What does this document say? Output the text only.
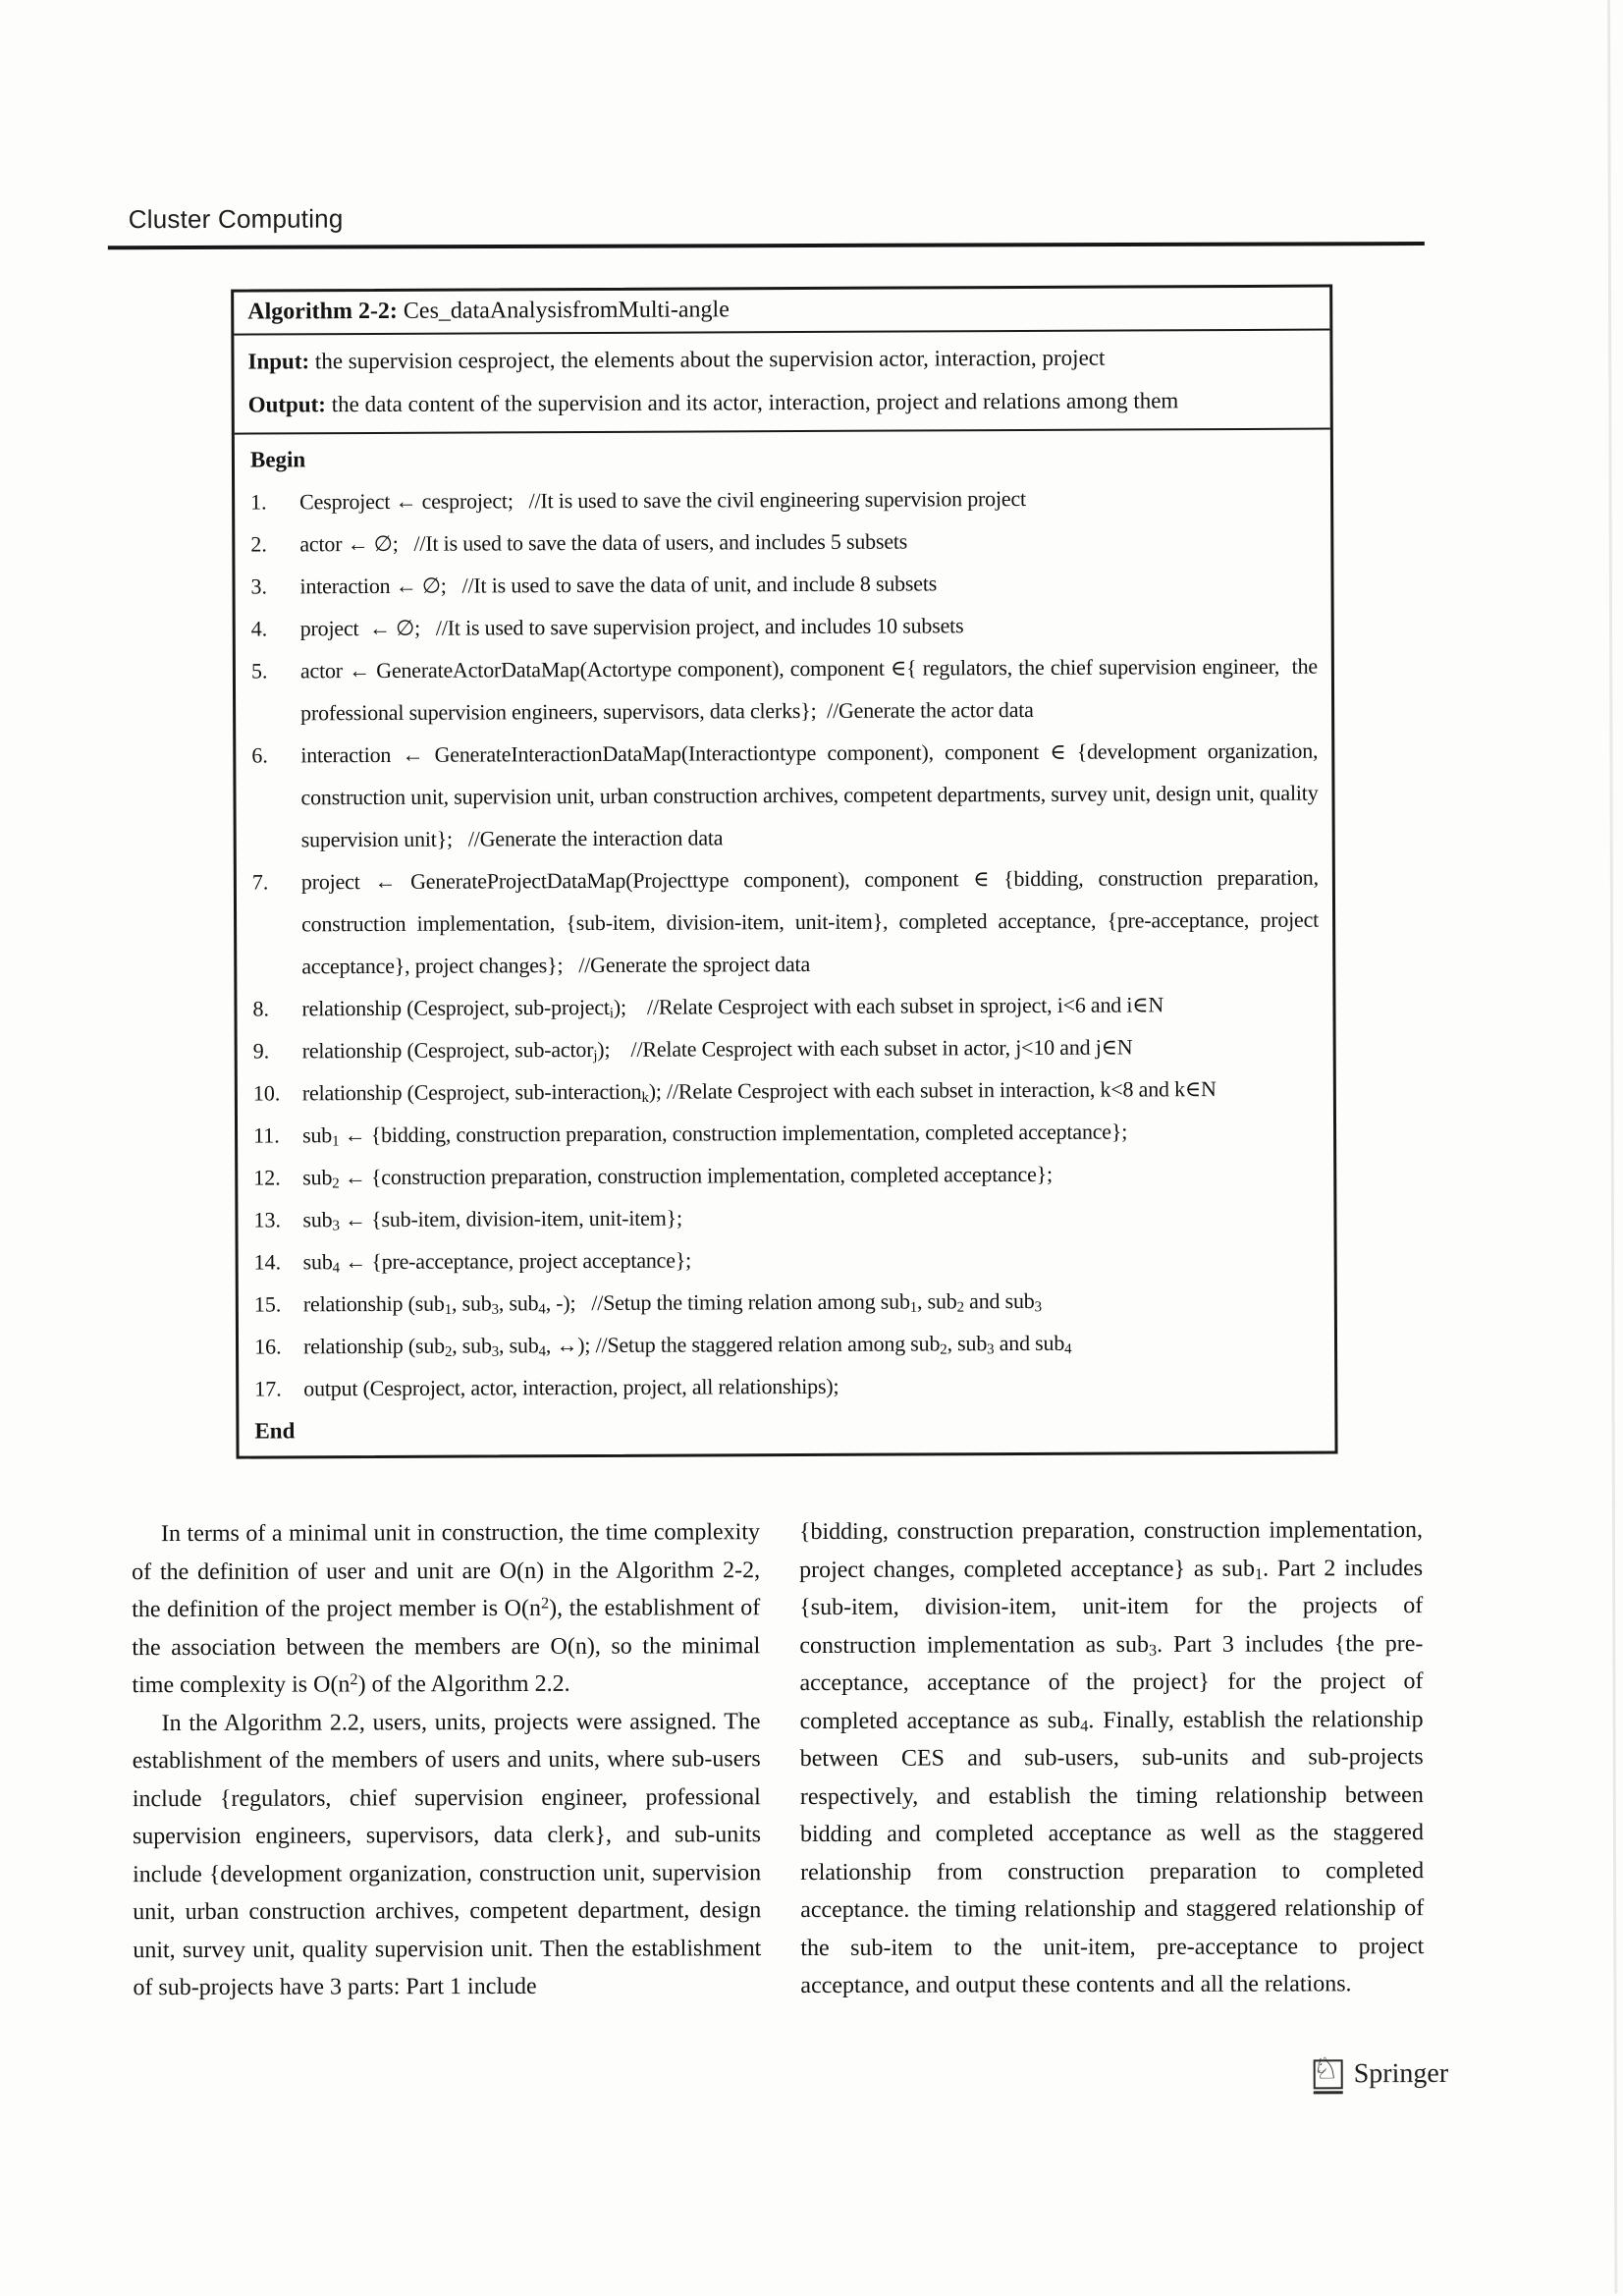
Cluster Computing
Algorithm 2-2: Ces_dataAnalysisfromMulti-angle
Input: the supervision cesproject, the elements about the supervision actor, interaction, project
Output: the data content of the supervision and its actor, interaction, project and relations among them
Begin
1.	Cesproject ← cesproject;   //It is used to save the civil engineering supervision project
2.	actor ← ∅;   //It is used to save the data of users, and includes 5 subsets
3.	interaction ← ∅;   //It is used to save the data of unit, and include 8 subsets
4.	project  ← ∅;   //It is used to save supervision project, and includes 10 subsets
5.	actor ← GenerateActorDataMap(Actortype component), component ∈{ regulators, the chief supervision engineer,  the professional supervision engineers, supervisors, data clerks};  //Generate the actor data
6.	interaction ← GenerateInteractionDataMap(Interactiontype component), component ∈ {development organization, construction unit, supervision unit, urban construction archives, competent departments, survey unit, design unit, quality supervision unit};   //Generate the interaction data
7.	project ← GenerateProjectDataMap(Projecttype component), component ∈ {bidding, construction preparation, construction implementation, {sub-item, division-item, unit-item}, completed acceptance, {pre-acceptance, project acceptance}, project changes};   //Generate the sproject data
8.	relationship (Cesproject, sub-project$_i$);    //Relate Cesproject with each subset in sproject, i<6 and i∈N
9.	relationship (Cesproject, sub-actor$_j$);    //Relate Cesproject with each subset in actor, j<10 and j∈N
10.	relationship (Cesproject, sub-interaction$_k$); //Relate Cesproject with each subset in interaction, k<8 and k∈N
11.	sub$_1$ ← {bidding, construction preparation, construction implementation, completed acceptance};
12.	sub$_2$ ← {construction preparation, construction implementation, completed acceptance};
13.	sub$_3$ ← {sub-item, division-item, unit-item};
14.	sub$_4$ ← {pre-acceptance, project acceptance};
15.	relationship (sub$_1$, sub$_3$, sub$_4$, -);   //Setup the timing relation among sub$_1$, sub$_2$ and sub$_3$
16.	relationship (sub$_2$, sub$_3$, sub$_4$, ↔); //Setup the staggered relation among sub$_2$, sub$_3$ and sub$_4$
17.	output (Cesproject, actor, interaction, project, all relationships);
End

In terms of a minimal unit in construction, the time complexity of the definition of user and unit are O(n) in the Algorithm 2-2, the definition of the project member is $O(n^2)$, the establishment of the association between the members are O(n), so the minimal time complexity is $O(n^2)$ of the Algorithm 2.2.

In the Algorithm 2.2, users, units, projects were assigned. The establishment of the members of users and units, where sub-users include {regulators, chief supervision engineer, professional supervision engineers, supervisors, data clerk}, and sub-units include {development organization, construction unit, supervision unit, urban construction archives, competent department, design unit, survey unit, quality supervision unit. Then the establishment of sub-projects have 3 parts: Part 1 include

{bidding, construction preparation, construction implementation, project changes, completed acceptance} as sub$_1$. Part 2 includes {sub-item, division-item, unit-item for the projects of construction implementation as sub$_3$. Part 3 includes {the pre-acceptance, acceptance of the project} for the project of completed acceptance as sub$_4$. Finally, establish the relationship between CES and sub-users, sub-units and sub-projects respectively, and establish the timing relationship between bidding and completed acceptance as well as the staggered relationship from construction preparation to completed acceptance. the timing relationship and staggered relationship of the sub-item to the unit-item, pre-acceptance to project acceptance, and output these contents and all the relations.

♘ Springer
